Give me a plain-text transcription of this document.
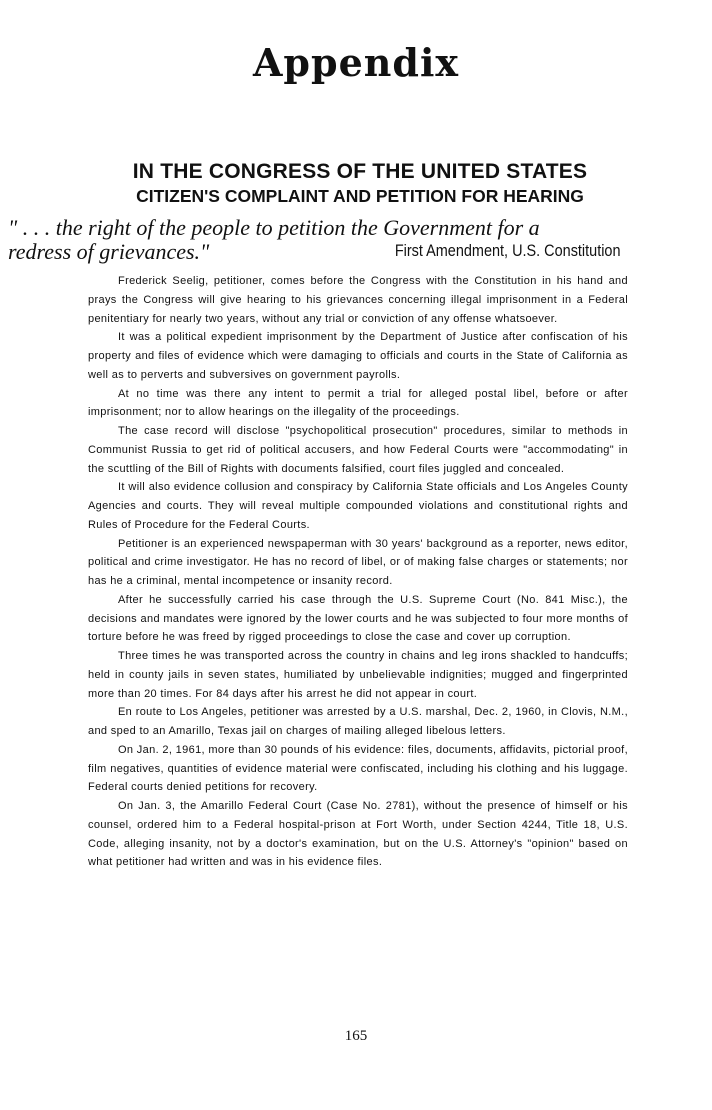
Appendix
IN THE CONGRESS OF THE UNITED STATES
CITIZEN'S COMPLAINT AND PETITION FOR HEARING
" . . . the right of the people to petition the Government for a
redress of grievances."	First Amendment, U.S. Constitution

Frederick Seelig, petitioner, comes before the Congress with the Constitution in his hand and prays the Congress will give hearing to his grievances concerning illegal imprisonment in a Federal penitentiary for nearly two years, without any trial or conviction of any offense whatsoever.

It was a political expedient imprisonment by the Department of Justice after confiscation of his property and files of evidence which were damaging to officials and courts in the State of California as well as to perverts and subversives on government payrolls.

At no time was there any intent to permit a trial for alleged postal libel, before or after imprisonment; nor to allow hearings on the illegality of the proceedings.

The case record will disclose "psychopolitical prosecution" procedures, similar to methods in Communist Russia to get rid of political accusers, and how Federal Courts were "accommodating" in the scuttling of the Bill of Rights with documents falsified, court files juggled and concealed.

It will also evidence collusion and conspiracy by California State officials and Los Angeles County Agencies and courts. They will reveal multiple compounded violations and constitutional rights and Rules of Procedure for the Federal Courts.

Petitioner is an experienced newspaperman with 30 years' background as a reporter, news editor, political and crime investigator. He has no record of libel, or of making false charges or statements; nor has he a criminal, mental incompetence or insanity record.

After he successfully carried his case through the U.S. Supreme Court (No. 841 Misc.), the decisions and mandates were ignored by the lower courts and he was subjected to four more months of torture before he was freed by rigged proceedings to close the case and cover up corruption.

Three times he was transported across the country in chains and leg irons shackled to handcuffs; held in county jails in seven states, humiliated by unbelievable indignities; mugged and fingerprinted more than 20 times. For 84 days after his arrest he did not appear in court.

En route to Los Angeles, petitioner was arrested by a U.S. marshal, Dec. 2, 1960, in Clovis, N.M., and sped to an Amarillo, Texas jail on charges of mailing alleged libelous letters.

On Jan. 2, 1961, more than 30 pounds of his evidence: files, documents, affidavits, pictorial proof, film negatives, quantities of evidence material were confiscated, including his clothing and his luggage. Federal courts denied petitions for recovery.

On Jan. 3, the Amarillo Federal Court (Case No. 2781), without the presence of himself or his counsel, ordered him to a Federal hospital-prison at Fort Worth, under Section 4244, Title 18, U.S. Code, alleging insanity, not by a doctor's examination, but on the U.S. Attorney's "opinion" based on what petitioner had written and was in his evidence files.

165
